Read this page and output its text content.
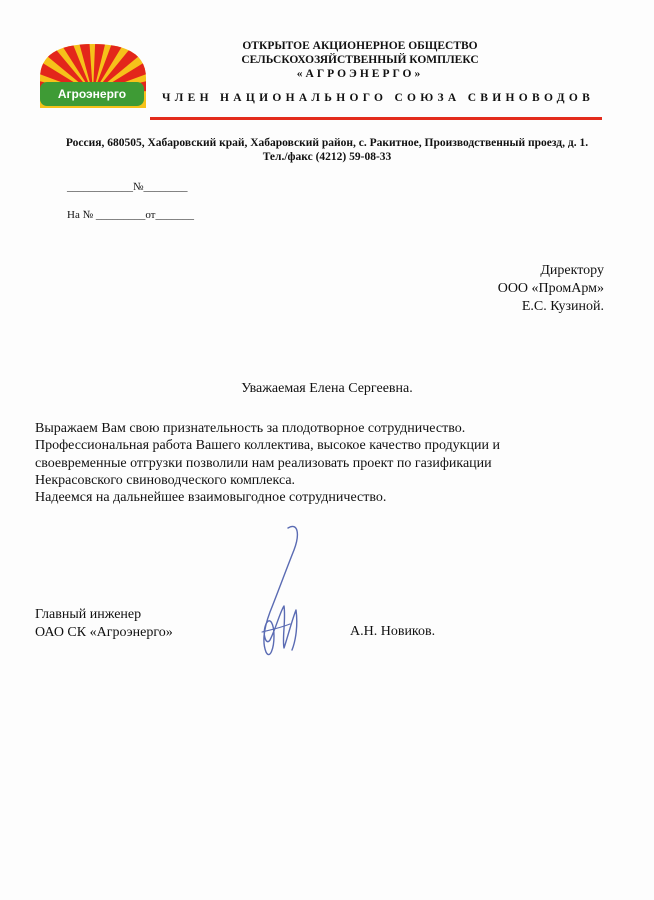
Агроэнерго
ОТКРЫТОЕ АКЦИОНЕРНОЕ ОБЩЕСТВО
СЕЛЬСКОХОЗЯЙСТВЕННЫЙ КОМПЛЕКС
«АГРОЭНЕРГО»
ЧЛЕН НАЦИОНАЛЬНОГО СОЮЗА СВИНОВОДОВ
Россия, 680505, Хабаровский край, Хабаровский район, с. Ракитное, Производственный проезд, д. 1.
Тел./факс (4212) 59-08-33
____________№________
На № _________от_______
Директору
ООО «ПромАрм»
Е.С. Кузиной.
Уважаемая Елена Сергеевна.
Выражаем Вам свою признательность за плодотворное сотрудничество.
Профессиональная работа Вашего коллектива, высокое качество продукции и
своевременные отгрузки позволили нам реализовать проект по газификации
Некрасовского свиноводческого комплекса.
Надеемся на дальнейшее взаимовыгодное сотрудничество.
Главный инженер
ОАО СК «Агроэнерго»	А.Н. Новиков.
